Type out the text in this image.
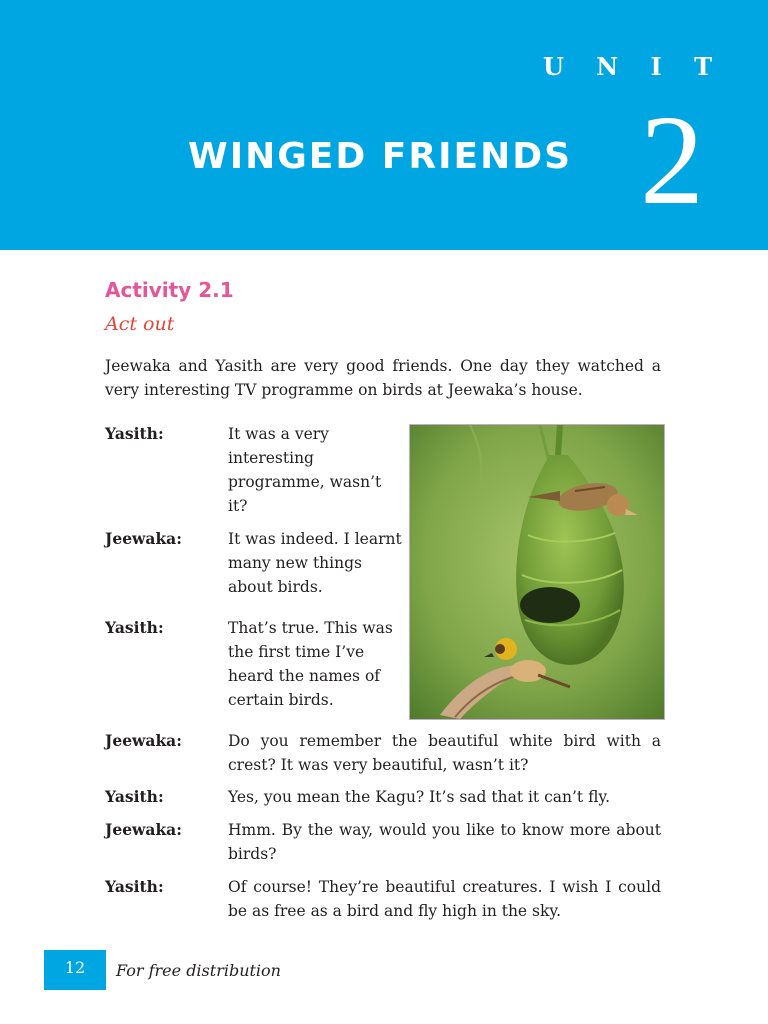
U N I T
WINGED FRIENDS 2
Activity 2.1
Act out

Jeewaka and Yasith are very good friends. One day they watched a very interesting TV programme on birds at Jeewaka’s house.

Yasith:	It was a very
interesting
programme, wasn’t
it?
Jeewaka:	It was indeed. I learnt
many new things
about birds.
Yasith:	That’s true. This was
the first time I’ve
heard the names of
certain birds.
Jeewaka:	Do you remember the beautiful white bird with a crest? It was very beautiful, wasn’t it?

Yasith:	Yes, you mean the Kagu? It’s sad that it can’t fly.

Jeewaka:	Hmm. By the way, would you like to know more about birds?

Yasith:	Of course! They’re beautiful creatures. I wish I could be as free as a bird and fly high in the sky.

12	For free distribution
